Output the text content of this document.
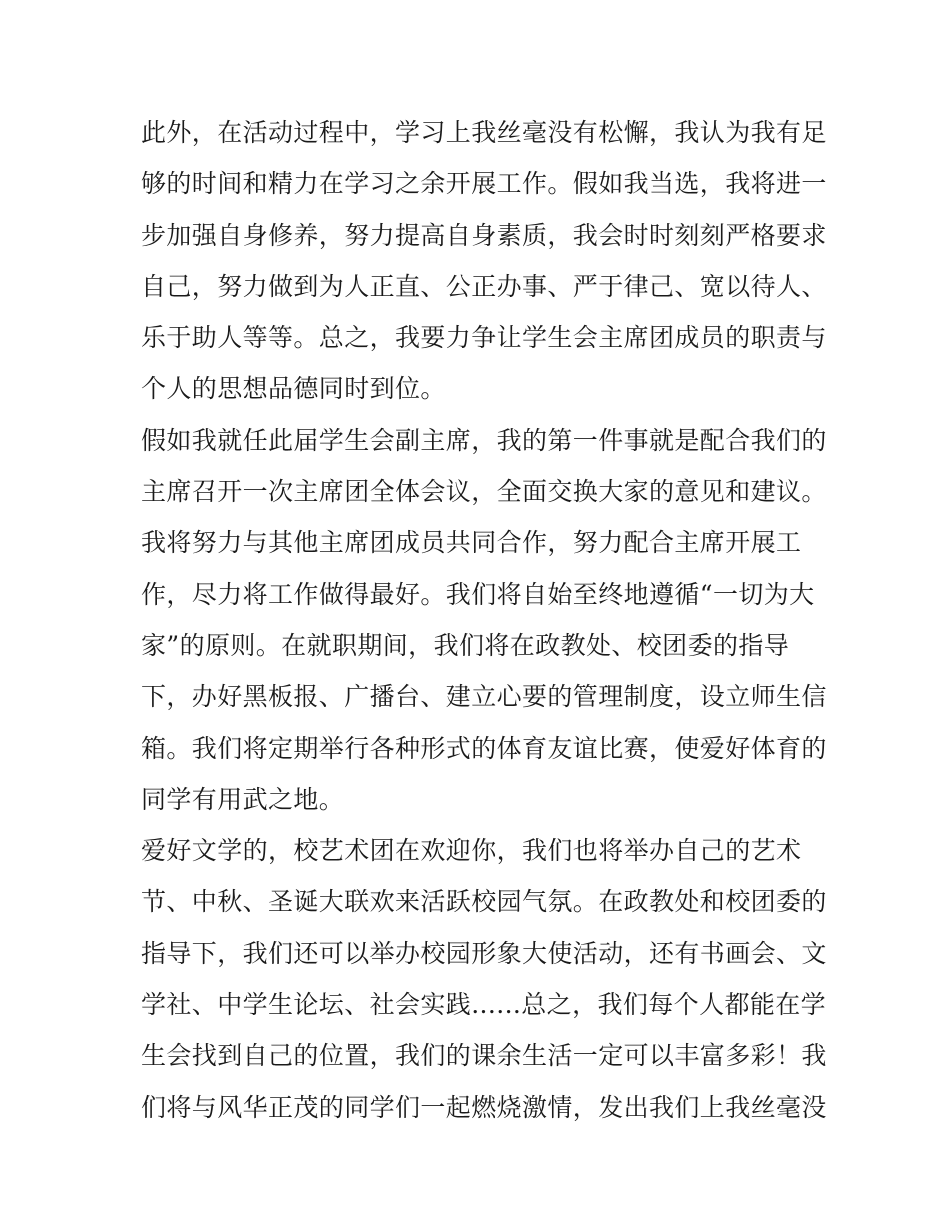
此外，在活动过程中，学习上我丝毫没有松懈，我认为我有足
够的时间和精力在学习之余开展工作。假如我当选，我将进一
步加强自身修养，努力提高自身素质，我会时时刻刻严格要求
自己，努力做到为人正直、公正办事、严于律己、宽以待人、
乐于助人等等。总之，我要力争让学生会主席团成员的职责与
个人的思想品德同时到位。
假如我就任此届学生会副主席，我的第一件事就是配合我们的
主席召开一次主席团全体会议，全面交换大家的意见和建议。
我将努力与其他主席团成员共同合作，努力配合主席开展工
作，尽力将工作做得最好。我们将自始至终地遵循“一切为大
家”的原则。在就职期间，我们将在政教处、校团委的指导
下，办好黑板报、广播台、建立心要的管理制度，设立师生信
箱。我们将定期举行各种形式的体育友谊比赛，使爱好体育的
同学有用武之地。
爱好文学的，校艺术团在欢迎你，我们也将举办自己的艺术
节、中秋、圣诞大联欢来活跃校园气氛。在政教处和校团委的
指导下，我们还可以举办校园形象大使活动，还有书画会、文
学社、中学生论坛、社会实践......总之，我们每个人都能在学
生会找到自己的位置，我们的课余生活一定可以丰富多彩！我
们将与风华正茂的同学们一起燃烧激情，发出我们上我丝毫没
